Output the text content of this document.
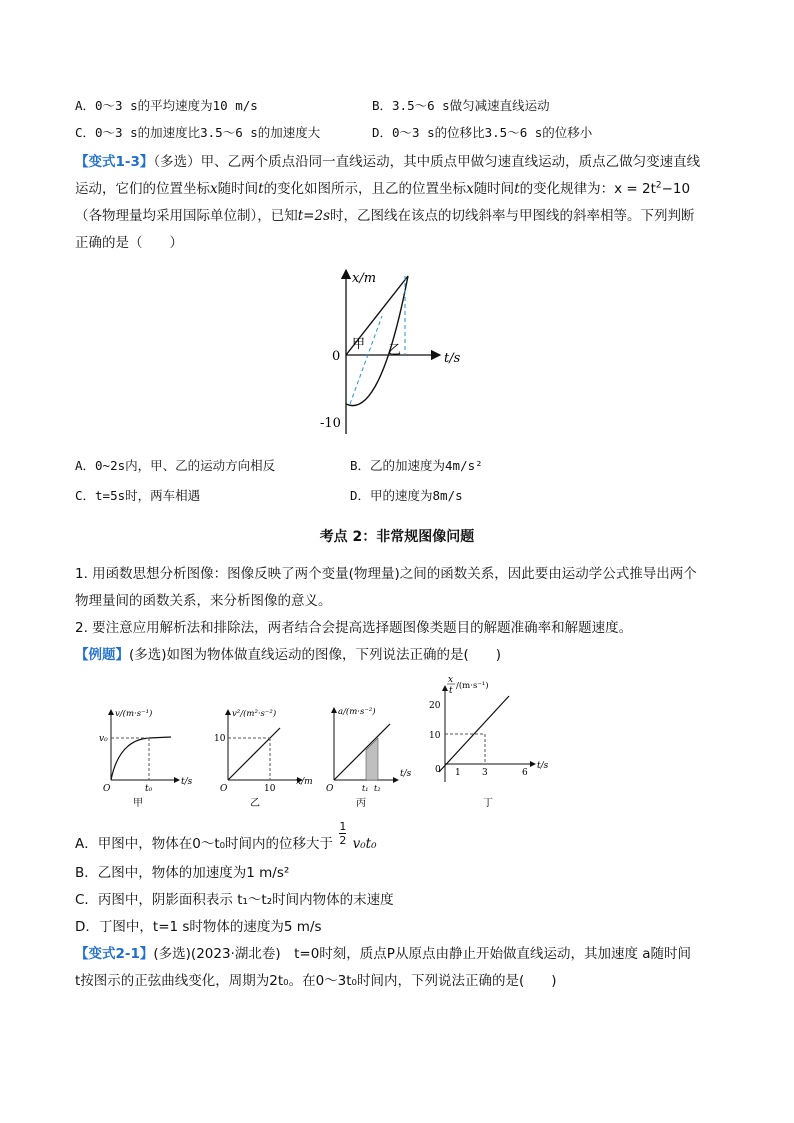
A．0～3 s的平均速度为10 m/s	B．3.5～6 s做匀减速直线运动
C．0～3 s的加速度比3.5～6 s的加速度大	D．0～3 s的位移比3.5～6 s的位移小
【变式1-3】（多选）甲、乙两个质点沿同一直线运动，其中质点甲做匀速直线运动，质点乙做匀变速直线
运动，它们的位置坐标x随时间t的变化如图所示，且乙的位置坐标x随时间t的变化规律为：$x = 2t^2-10$
（各物理量均采用国际单位制），已知t=2s时，乙图线在该点的切线斜率与甲图线的斜率相等。下列判断
正确的是（　　）
x/m
t/s
0
-10
甲 乙
A．0~2s内，甲、乙的运动方向相反	B．乙的加速度为4m/s²
C．t=5s时，两车相遇	D．甲的速度为8m/s
考点 2：非常规图像问题
1. 用函数思想分析图像：图像反映了两个变量(物理量)之间的函数关系，因此要由运动学公式推导出两个
物理量间的函数关系，来分析图像的意义。
2. 要注意应用解析法和排除法，两者结合会提高选择题图像类题目的解题准确率和解题速度。
【例题】(多选)如图为物体做直线运动的图像，下列说法正确的是(　　)
v/(m·s⁻¹)
t/s
v₀
t₀
O
甲
v²/(m²·s⁻²)
x/m
10
10
O
乙
a/(m·s⁻²)
t/s
t₁ t₂
O
丙
x
t /(m·s⁻¹)
t/s
20
10
0 1 3	6
丁
A．甲图中，物体在0～t₀时间内的位移大于 $\frac{1}{2} v_0t_0$
B．乙图中，物体的加速度为1 m/s²
C．丙图中，阴影面积表示 t₁～t₂时间内物体的末速度
D．丁图中，t=1 s时物体的速度为5 m/s
【变式2-1】(多选)(2023·湖北卷)　t=0时刻，质点P从原点由静止开始做直线运动，其加速度 a随时间
t按图示的正弦曲线变化，周期为2t₀。在0～3t₀时间内，下列说法正确的是(　　)
